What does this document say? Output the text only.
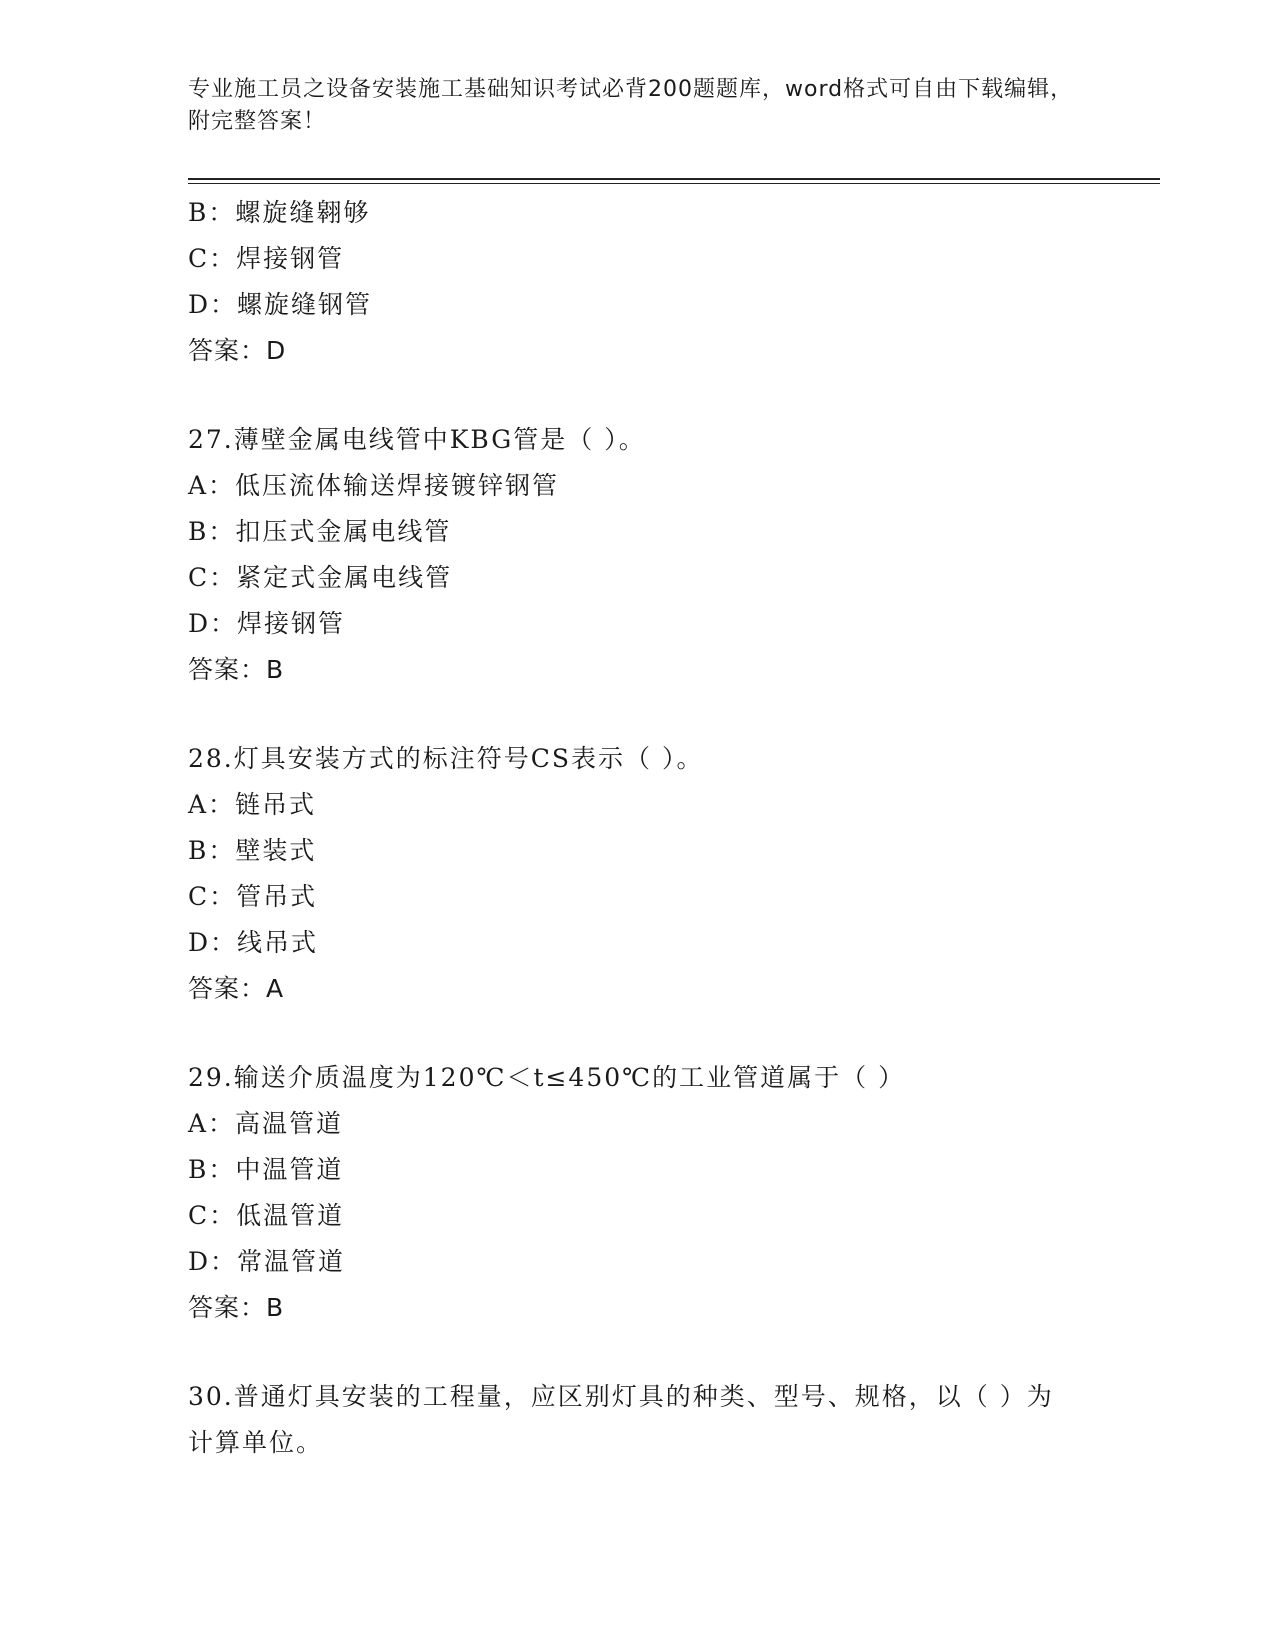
专业施工员之设备安装施工基础知识考试必背200题题库，word格式可自由下载编辑，附完整答案！
B：螺旋缝翱够
C：焊接钢管
D：螺旋缝钢管
答案：D
27.薄壁金属电线管中KBG管是（ ）。
A：低压流体输送焊接镀锌钢管
B：扣压式金属电线管
C：紧定式金属电线管
D：焊接钢管
答案：B
28.灯具安装方式的标注符号CS表示（ ）。
A：链吊式
B：壁装式
C：管吊式
D：线吊式
答案：A
29.输送介质温度为120℃＜t≤450℃的工业管道属于（ ）
A：高温管道
B：中温管道
C：低温管道
D：常温管道
答案：B
30.普通灯具安装的工程量，应区别灯具的种类、型号、规格，以（ ）为计算单位。
